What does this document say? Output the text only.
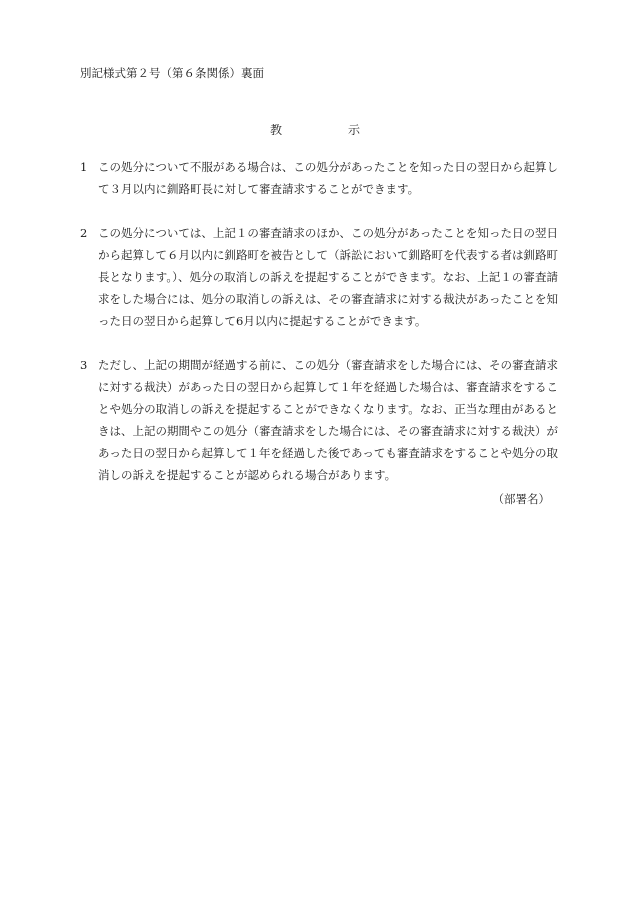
別記様式第２号（第６条関係）裏面
教示
1 この処分について不服がある場合は、この処分があったことを知った日の翌日から起算して３月以内に釧路町長に対して審査請求することができます。
2 この処分については、上記１の審査請求のほか、この処分があったことを知った日の翌日から起算して６月以内に釧路町を被告として（訴訟において釧路町を代表する者は釧路町長となります。）、処分の取消しの訴えを提起することができます。なお、上記１の審査請求をした場合には、処分の取消しの訴えは、その審査請求に対する裁決があったことを知った日の翌日から起算して6月以内に提起することができます。
3 ただし、上記の期間が経過する前に、この処分（審査請求をした場合には、その審査請求に対する裁決）があった日の翌日から起算して１年を経過した場合は、審査請求をすることや処分の取消しの訴えを提起することができなくなります。なお、正当な理由があるときは、上記の期間やこの処分（審査請求をした場合には、その審査請求に対する裁決）があった日の翌日から起算して１年を経過した後であっても審査請求をすることや処分の取消しの訴えを提起することが認められる場合があります。
（部署名）
